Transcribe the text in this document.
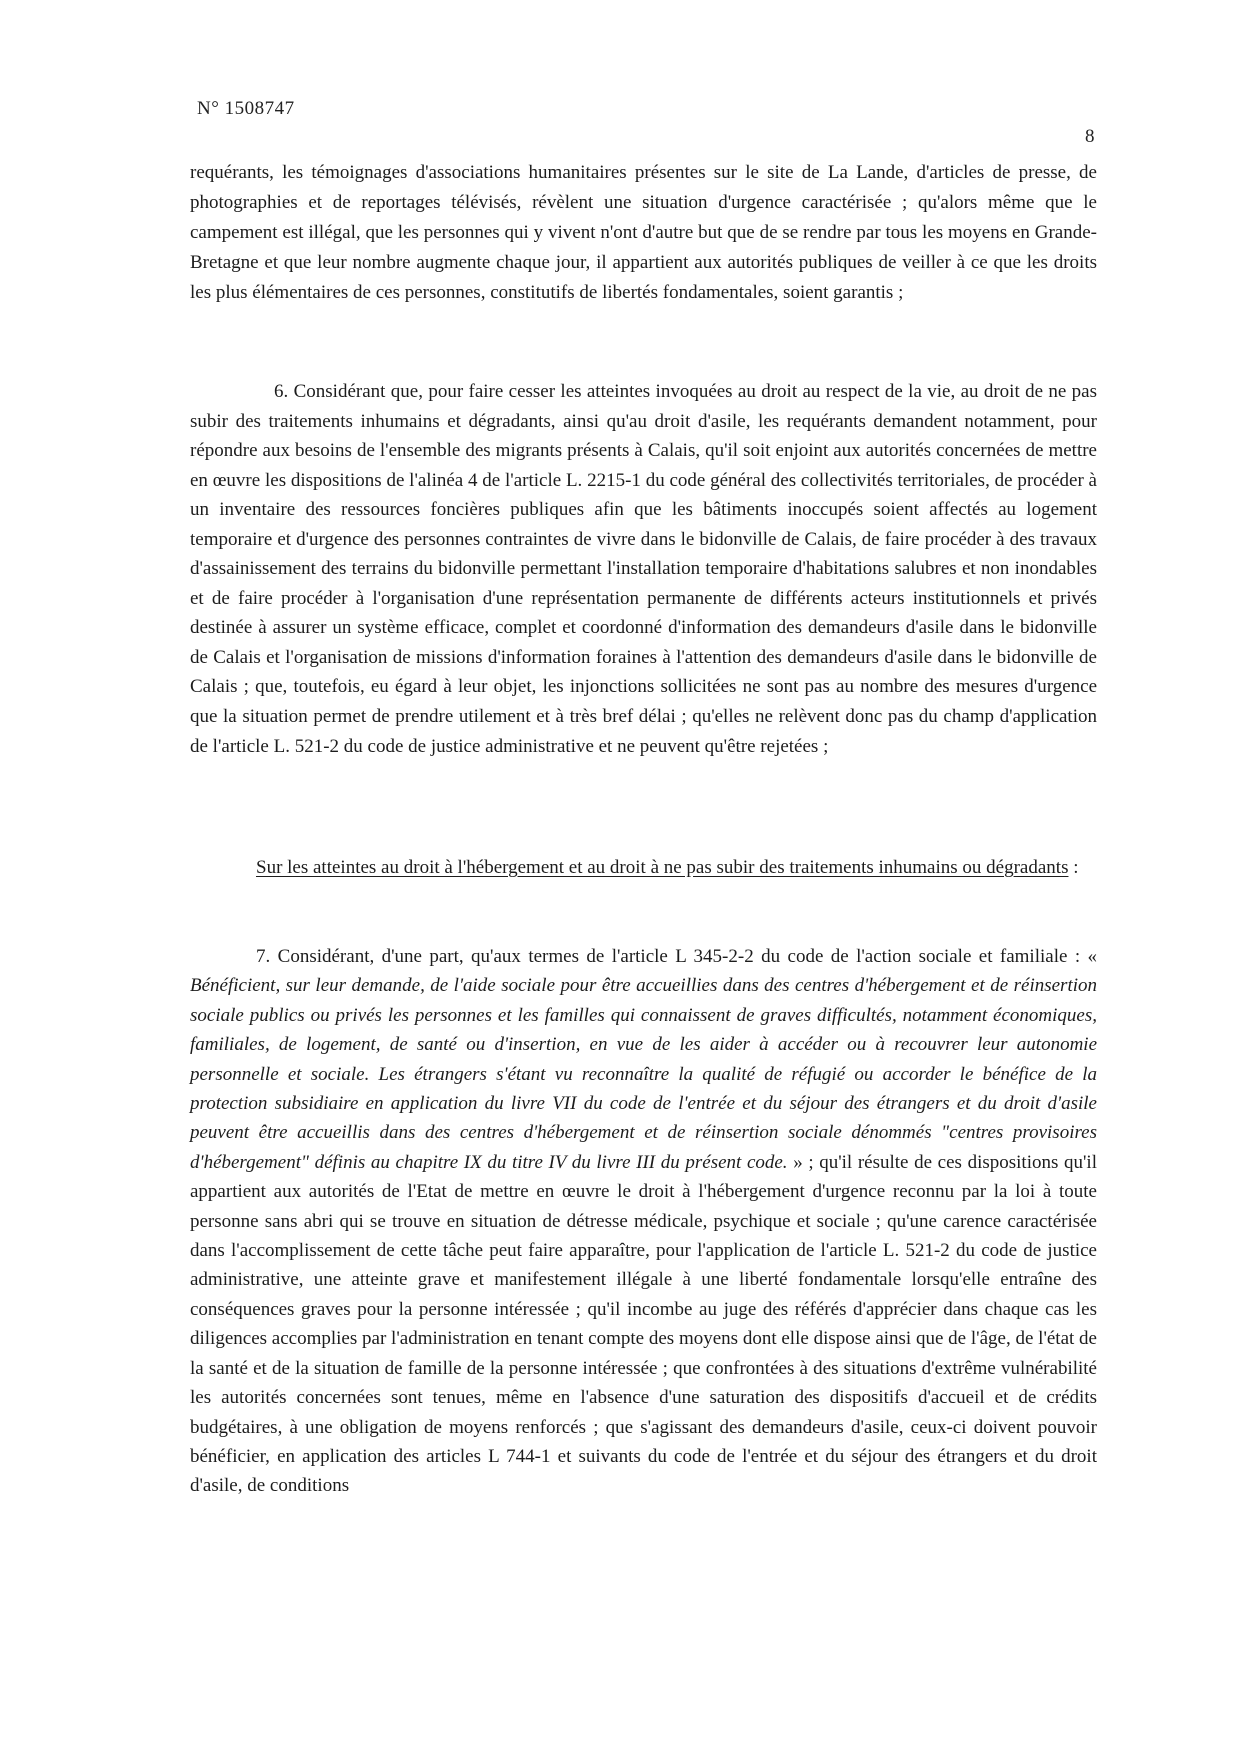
N° 1508747
8
requérants, les témoignages d'associations humanitaires présentes sur le site de La Lande, d'articles de presse, de photographies et de reportages télévisés, révèlent une situation d'urgence caractérisée ; qu'alors même que le campement est illégal, que les personnes qui y vivent n'ont d'autre but que de se rendre par tous les moyens en Grande-Bretagne et que leur nombre augmente chaque jour, il appartient aux autorités publiques de veiller à ce que les droits les plus élémentaires de ces personnes, constitutifs de libertés fondamentales, soient garantis ;
6. Considérant que, pour faire cesser les atteintes invoquées au droit au respect de la vie, au droit de ne pas subir des traitements inhumains et dégradants, ainsi qu'au droit d'asile, les requérants demandent notamment, pour répondre aux besoins de l'ensemble des migrants présents à Calais, qu'il soit enjoint aux autorités concernées de mettre en œuvre les dispositions de l'alinéa 4 de l'article L. 2215-1 du code général des collectivités territoriales, de procéder à un inventaire des ressources foncières publiques afin que les bâtiments inoccupés soient affectés au logement temporaire et d'urgence des personnes contraintes de vivre dans le bidonville de Calais, de faire procéder à des travaux d'assainissement des terrains du bidonville permettant l'installation temporaire d'habitations salubres et non inondables et de faire procéder à l'organisation d'une représentation permanente de différents acteurs institutionnels et privés destinée à assurer un système efficace, complet et coordonné d'information des demandeurs d'asile dans le bidonville de Calais et l'organisation de missions d'information foraines à l'attention des demandeurs d'asile dans le bidonville de Calais ; que, toutefois, eu égard à leur objet, les injonctions sollicitées ne sont pas au nombre des mesures d'urgence que la situation permet de prendre utilement et à très bref délai ; qu'elles ne relèvent donc pas du champ d'application de l'article L. 521-2 du code de justice administrative et ne peuvent qu'être rejetées ;
Sur les atteintes au droit à l'hébergement et au droit à ne pas subir des traitements inhumains ou dégradants :
7. Considérant, d'une part, qu'aux termes de l'article L 345-2-2 du code de l'action sociale et familiale : « Bénéficient, sur leur demande, de l'aide sociale pour être accueillies dans des centres d'hébergement et de réinsertion sociale publics ou privés les personnes et les familles qui connaissent de graves difficultés, notamment économiques, familiales, de logement, de santé ou d'insertion, en vue de les aider à accéder ou à recouvrer leur autonomie personnelle et sociale. Les étrangers s'étant vu reconnaître la qualité de réfugié ou accorder le bénéfice de la protection subsidiaire en application du livre VII du code de l'entrée et du séjour des étrangers et du droit d'asile peuvent être accueillis dans des centres d'hébergement et de réinsertion sociale dénommés "centres provisoires d'hébergement" définis au chapitre IX du titre IV du livre III du présent code. » ; qu'il résulte de ces dispositions qu'il appartient aux autorités de l'Etat de mettre en œuvre le droit à l'hébergement d'urgence reconnu par la loi à toute personne sans abri qui se trouve en situation de détresse médicale, psychique et sociale ; qu'une carence caractérisée dans l'accomplissement de cette tâche peut faire apparaître, pour l'application de l'article L. 521-2 du code de justice administrative, une atteinte grave et manifestement illégale à une liberté fondamentale lorsqu'elle entraîne des conséquences graves pour la personne intéressée ; qu'il incombe au juge des référés d'apprécier dans chaque cas les diligences accomplies par l'administration en tenant compte des moyens dont elle dispose ainsi que de l'âge, de l'état de la santé et de la situation de famille de la personne intéressée ; que confrontées à des situations d'extrême vulnérabilité les autorités concernées sont tenues, même en l'absence d'une saturation des dispositifs d'accueil et de crédits budgétaires, à une obligation de moyens renforcés ; que s'agissant des demandeurs d'asile, ceux-ci doivent pouvoir bénéficier, en application des articles L 744-1 et suivants du code de l'entrée et du séjour des étrangers et du droit d'asile, de conditions
